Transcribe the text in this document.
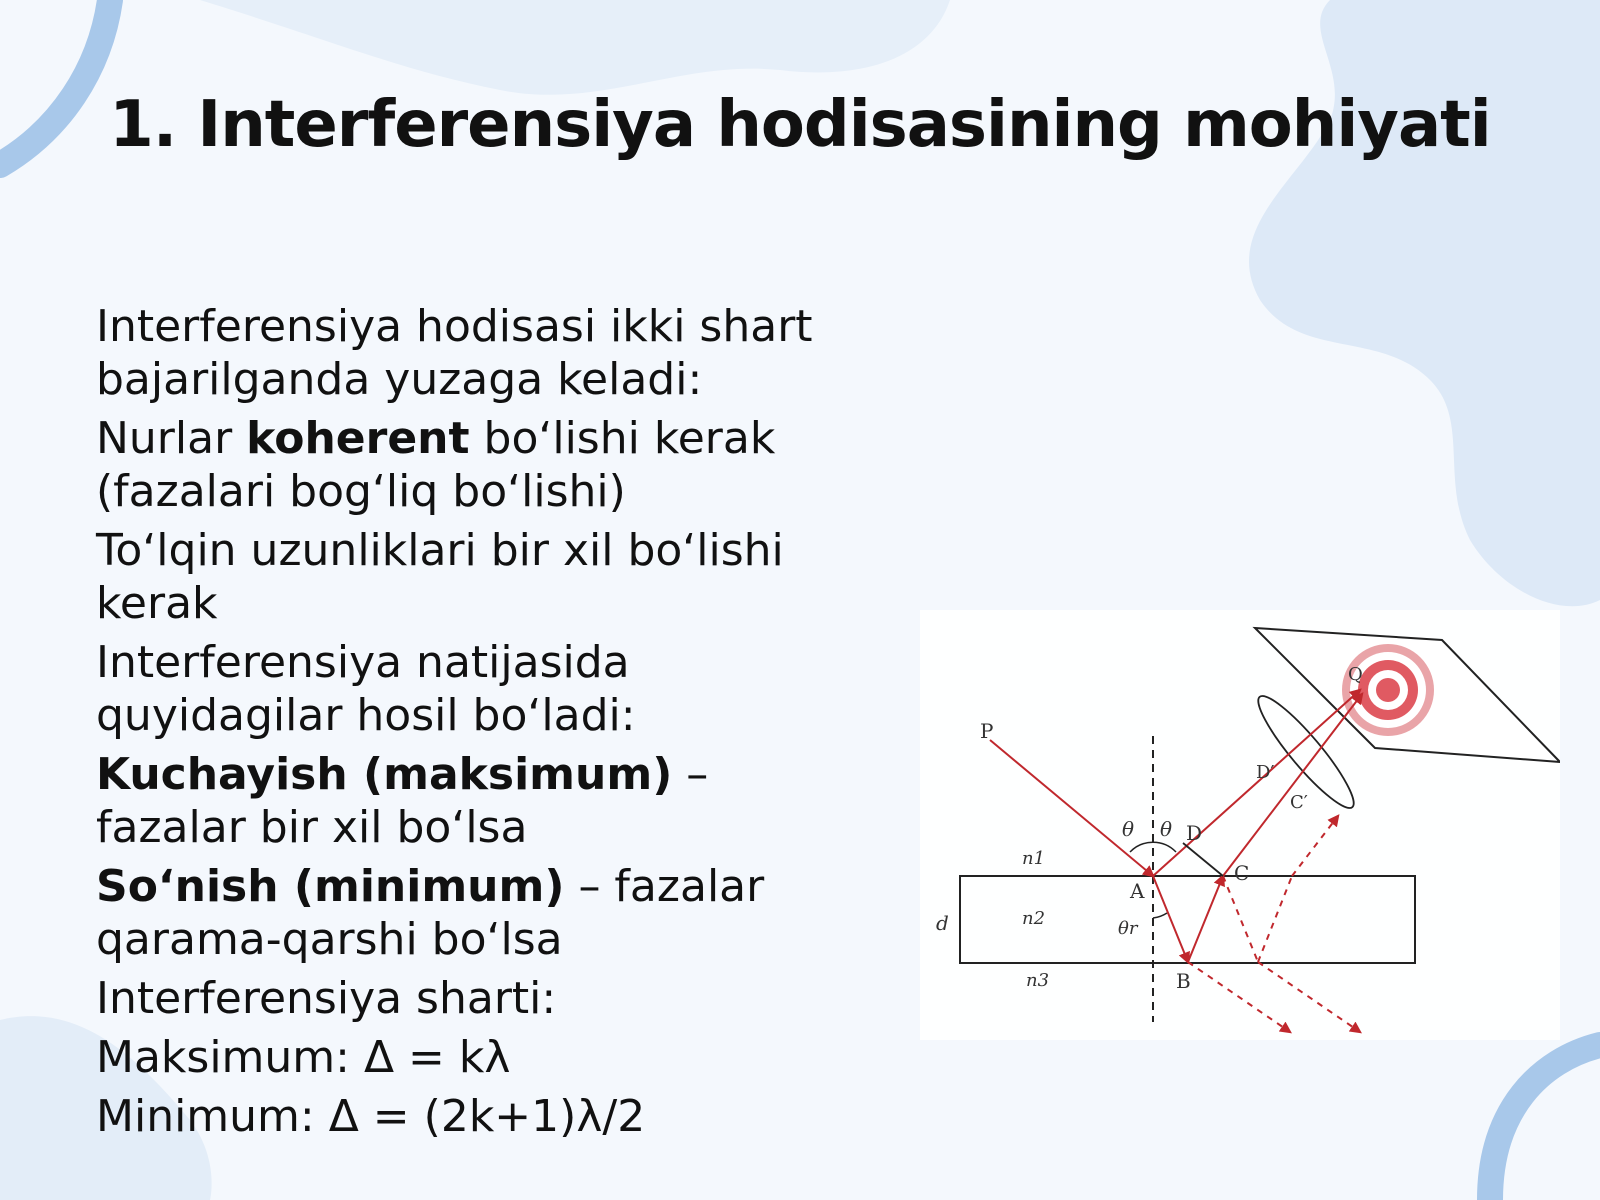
1. Interferensiya hodisasining mohiyati

Interferensiya hodisasi ikki shart bajarilganda yuzaga keladi:

Nurlar koherent bo‘lishi kerak (fazalari bog‘liq bo‘lishi)

To‘lqin uzunliklari bir xil bo‘lishi kerak

Interferensiya natijasida quyidagilar hosil bo‘ladi:

Kuchayish (maksimum) – fazalar bir xil bo‘lsa

So‘nish (minimum) – fazalar qarama-qarshi bo‘lsa

Interferensiya sharti:

Maksimum: Δ = kλ

Minimum: Δ = (2k+1)λ/2

P
Q
D′
C′
θ θ D
C
A
B
θr
n1
n2
n3
d
